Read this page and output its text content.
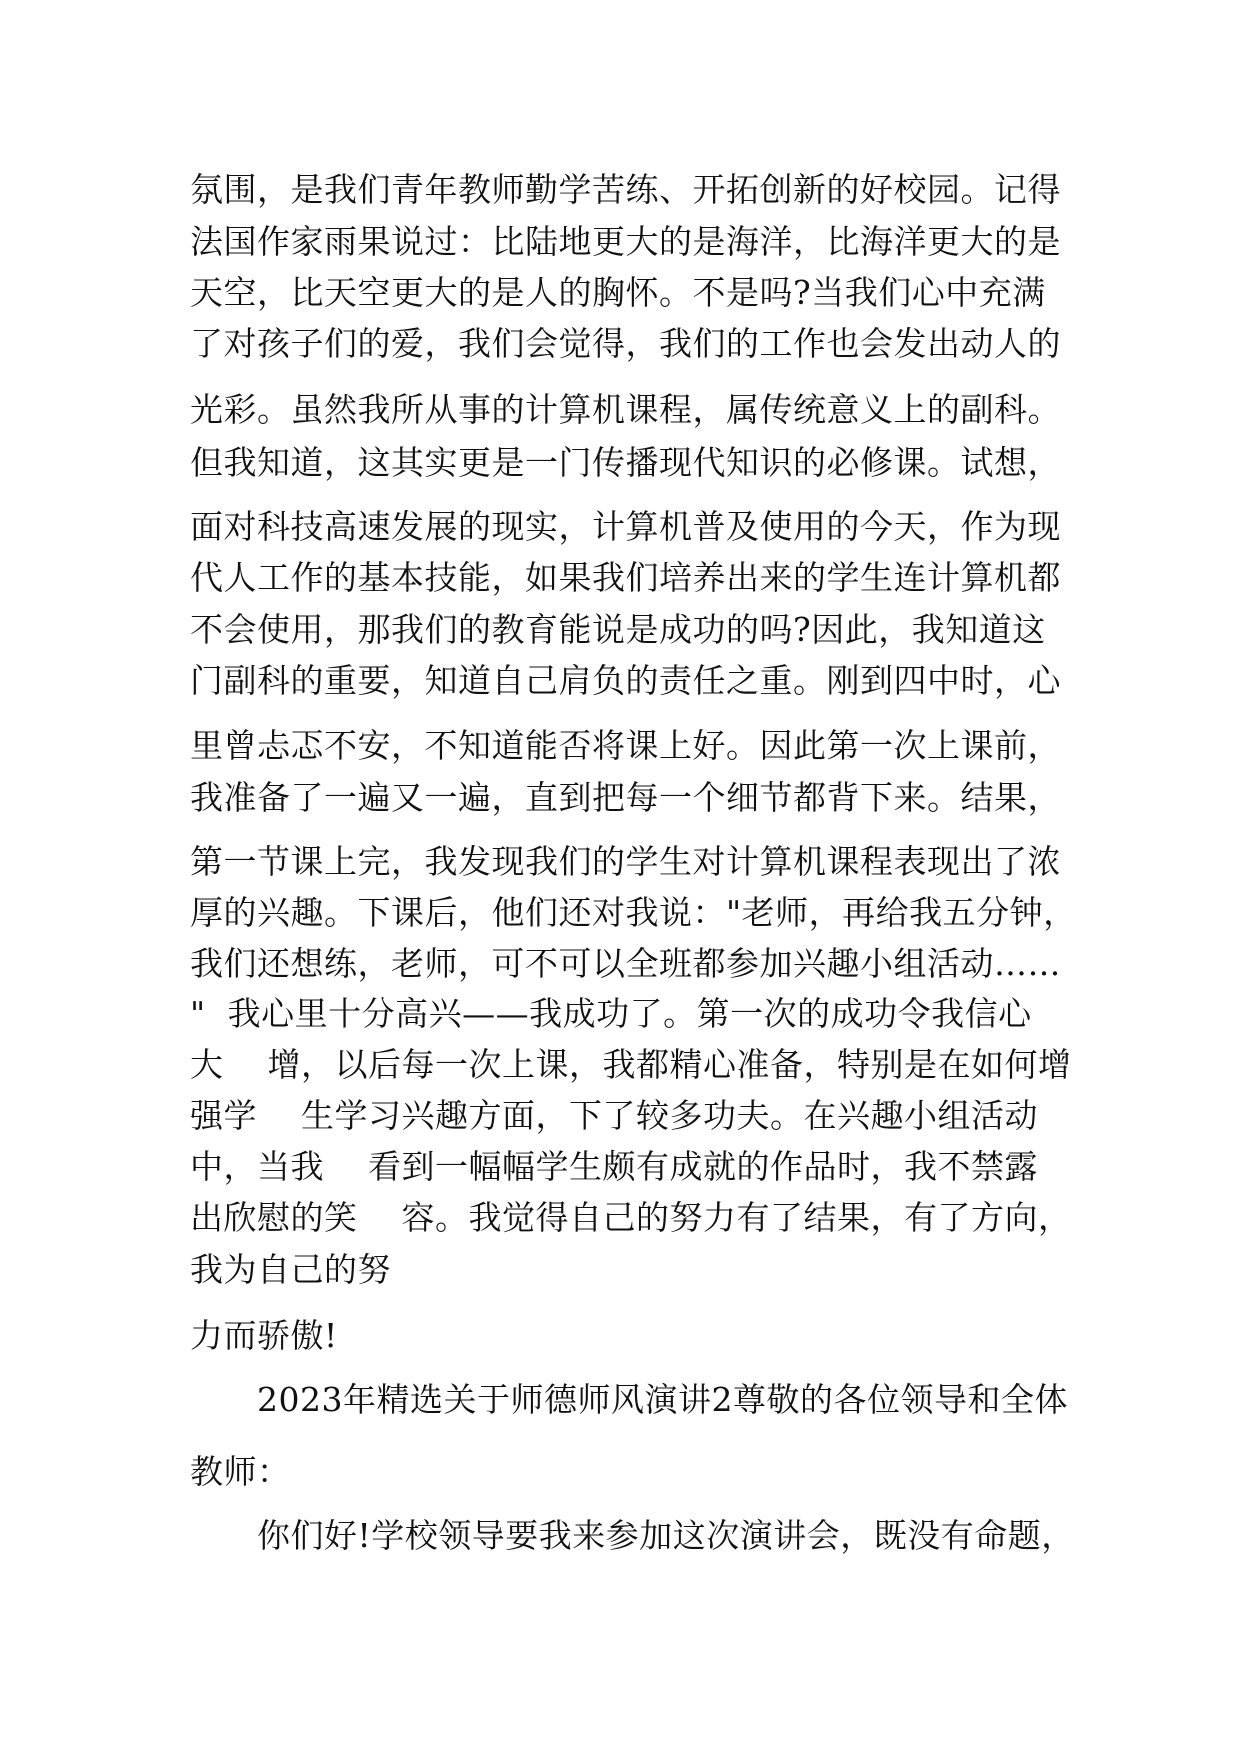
氛围，是我们青年教师勤学苦练、开拓创新的好校园。记得
法国作家雨果说过：比陆地更大的是海洋，比海洋更大的是
天空，比天空更大的是人的胸怀。不是吗?当我们心中充满
了对孩子们的爱，我们会觉得，我们的工作也会发出动人的
光彩。虽然我所从事的计算机课程，属传统意义上的副科。
但我知道，这其实更是一门传播现代知识的必修课。试想，
面对科技高速发展的现实，计算机普及使用的今天，作为现
代人工作的基本技能，如果我们培养出来的学生连计算机都
不会使用，那我们的教育能说是成功的吗?因此，我知道这
门副科的重要，知道自己肩负的责任之重。刚到四中时，心
里曾忐忑不安，不知道能否将课上好。因此第一次上课前，
我准备了一遍又一遍，直到把每一个细节都背下来。结果，
第一节课上完，我发现我们的学生对计算机课程表现出了浓
厚的兴趣。下课后，他们还对我说："老师，再给我五分钟，
我们还想练，老师，可不可以全班都参加兴趣小组活动……
"  我心里十分高兴——我成功了。第一次的成功令我信心
大    增，以后每一次上课，我都精心准备，特别是在如何增
强学    生学习兴趣方面，下了较多功夫。在兴趣小组活动
中，当我    看到一幅幅学生颇有成就的作品时，我不禁露
出欣慰的笑    容。我觉得自己的努力有了结果，有了方向，
我为自己的努
力而骄傲!
2023年精选关于师德师风演讲2尊敬的各位领导和全体
教师：
你们好!学校领导要我来参加这次演讲会，既没有命题，
